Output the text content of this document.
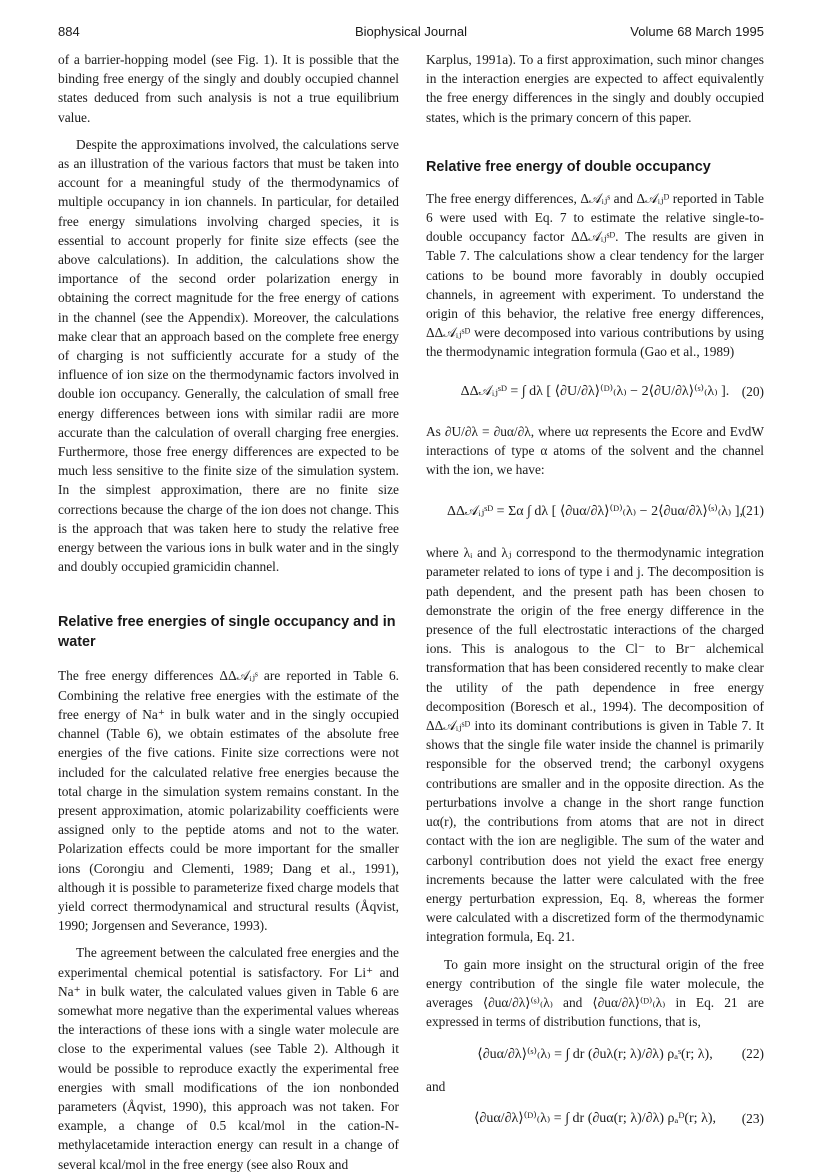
884	Biophysical Journal	Volume 68 March 1995

of a barrier-hopping model (see Fig. 1). It is possible that the binding free energy of the singly and doubly occupied channel states deduced from such analysis is not a true equilibrium value.

Despite the approximations involved, the calculations serve as an illustration of the various factors that must be taken into account for a meaningful study of the thermodynamics of multiple occupancy in ion channels. In particular, for detailed free energy simulations involving charged species, it is essential to account properly for finite size effects (see the above calculations). In addition, the calculations show the importance of the second order polarization energy in obtaining the correct magnitude for the free energy of cations in the channel (see the Appendix). Moreover, the calculations make clear that an approach based on the complete free energy of charging is not sufficiently accurate for a study of the influence of ion size on the thermodynamic factors involved in double ion occupancy. Generally, the calculation of small free energy differences between ions with similar radii are more accurate than the calculation of overall charging free energies. Furthermore, those free energy differences are expected to be much less sensitive to the finite size of the simulation system. In the simplest approximation, there are no finite size corrections because the charge of the ion does not change. This is the approach that was taken here to study the relative free energy between the various ions in bulk water and in the singly and doubly occupied gramicidin channel.

Relative free energies of single occupancy and in water

The free energy differences ΔΔ𝒜ᵢⱼˢ are reported in Table 6. Combining the relative free energies with the estimate of the free energy of Na⁺ in bulk water and in the singly occupied channel (Table 6), we obtain estimates of the absolute free energies of the five cations. Finite size corrections were not included for the calculated relative free energies because the total charge in the simulation system remains constant. In the present approximation, atomic polarizability coefficients were assigned only to the peptide atoms and not to the water. Polarization effects could be more important for the smaller ions (Corongiu and Clementi, 1989; Dang et al., 1991), although it is possible to parameterize fixed charge models that yield correct thermodynamical and structural results (Åqvist, 1990; Jorgensen and Severance, 1993).

The agreement between the calculated free energies and the experimental chemical potential is satisfactory. For Li⁺ and Na⁺ in bulk water, the calculated values given in Table 6 are somewhat more negative than the experimental values whereas the interactions of these ions with a single water molecule are close to the experimental values (see Table 2). Although it would be possible to reproduce exactly the experimental free energies with small modifications of the ion nonbonded parameters (Åqvist, 1990), this approach was not taken. For example, a change of 0.5 kcal/mol in the cation-N-methylacetamide interaction energy can result in a change of several kcal/mol in the free energy (see also Roux and

Karplus, 1991a). To a first approximation, such minor changes in the interaction energies are expected to affect equivalently the free energy differences in the singly and doubly occupied states, which is the primary concern of this paper.

Relative free energy of double occupancy

The free energy differences, Δ𝒜ᵢⱼˢ and Δ𝒜ᵢⱼᴰ reported in Table 6 were used with Eq. 7 to estimate the relative single-to-double occupancy factor ΔΔ𝒜ᵢⱼˢᴰ. The results are given in Table 7. The calculations show a clear tendency for the larger cations to be bound more favorably in doubly occupied channels, in agreement with experiment. To understand the origin of this behavior, the relative free energy differences, ΔΔ𝒜ᵢⱼˢᴰ were decomposed into various contributions by using the thermodynamic integration formula (Gao et al., 1989)

ΔΔ𝒜ᵢⱼˢᴰ = ∫ dλ [ ⟨∂U/∂λ⟩⁽ᴰ⁾₍λ₎ − 2⟨∂U/∂λ⟩⁽ˢ⁾₍λ₎ ]. (20)

As ∂U/∂λ = ∂uα/∂λ, where uα represents the Ecore and EvdW interactions of type α atoms of the solvent and the channel with the ion, we have:

ΔΔ𝒜ᵢⱼˢᴰ = Σα ∫ dλ [ ⟨∂uα/∂λ⟩⁽ᴰ⁾₍λ₎ − 2⟨∂uα/∂λ⟩⁽ˢ⁾₍λ₎ ],
(21)

where λᵢ and λⱼ correspond to the thermodynamic integration parameter related to ions of type i and j. The decomposition is path dependent, and the present path has been chosen to demonstrate the origin of the free energy difference in the presence of the full electrostatic interactions of the charged ions. This is analogous to the Cl⁻ to Br⁻ alchemical transformation that has been considered recently to make clear the utility of the path dependence in free energy decomposition (Boresch et al., 1994). The decomposition of ΔΔ𝒜ᵢⱼˢᴰ into its dominant contributions is given in Table 7. It shows that the single file water inside the channel is primarily responsible for the observed trend; the carbonyl oxygens contributions are smaller and in the opposite direction. As the perturbations involve a change in the short range function uα(r), the contributions from atoms that are not in direct contact with the ion are negligible. The sum of the water and carbonyl contribution does not yield the exact free energy increments because the latter were calculated with the free energy perturbation expression, Eq. 8, whereas the former were calculated with a discretized form of the thermodynamic integration formula, Eq. 21.

To gain more insight on the structural origin of the free energy contribution of the single file water molecule, the averages ⟨∂uα/∂λ⟩⁽ˢ⁾₍λ₎ and ⟨∂uα/∂λ⟩⁽ᴰ⁾₍λ₎ in Eq. 21 are expressed in terms of distribution functions, that is,

⟨∂uα/∂λ⟩⁽ˢ⁾₍λ₎ = ∫ dr (∂uλ(r; λ)/∂λ) ρₐˢ(r; λ), (22)

and

⟨∂uα/∂λ⟩⁽ᴰ⁾₍λ₎ = ∫ dr (∂uα(r; λ)/∂λ) ρₐᴰ(r; λ), (23)
